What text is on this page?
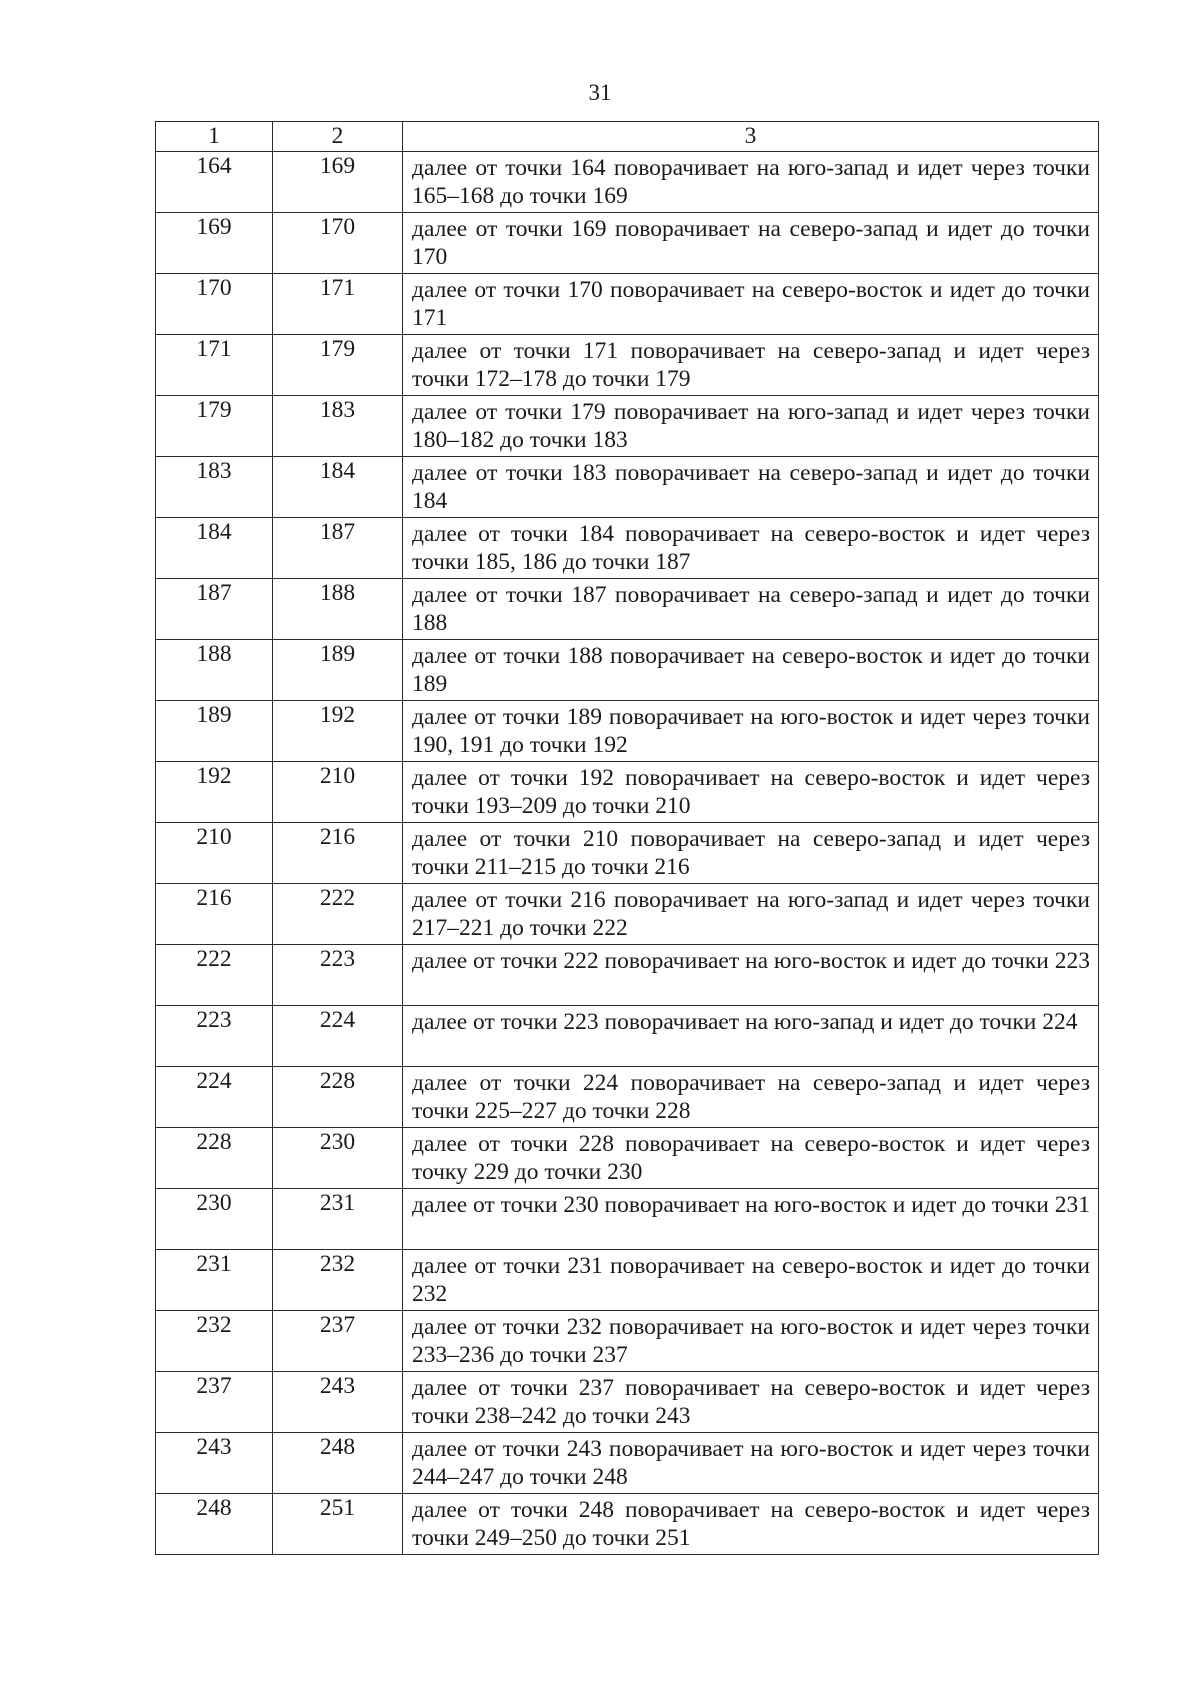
31
1	2	3
164	169	далее от точки 164 поворачивает на юго-запад и идет через точки 165–168 до точки 169
169	170	далее от точки 169 поворачивает на северо-запад и идет до точки 170
170	171	далее от точки 170 поворачивает на северо-восток и идет до точки 171
171	179	далее от точки 171 поворачивает на северо-запад и идет через точки 172–178 до точки 179
179	183	далее от точки 179 поворачивает на юго-запад и идет через точки 180–182 до точки 183
183	184	далее от точки 183 поворачивает на северо-запад и идет до точки 184
184	187	далее от точки 184 поворачивает на северо-восток и идет через точки 185, 186 до точки 187
187	188	далее от точки 187 поворачивает на северо-запад и идет до точки 188
188	189	далее от точки 188 поворачивает на северо-восток и идет до точки 189
189	192	далее от точки 189 поворачивает на юго-восток и идет через точки 190, 191 до точки 192
192	210	далее от точки 192 поворачивает на северо-восток и идет через точки 193–209 до точки 210
210	216	далее от точки 210 поворачивает на северо-запад и идет через точки 211–215 до точки 216
216	222	далее от точки 216 поворачивает на юго-запад и идет через точки 217–221 до точки 222
222	223	далее от точки 222 поворачивает на юго-восток и идет до точки 223
223	224	далее от точки 223 поворачивает на юго-запад и идет до точки 224
224	228	далее от точки 224 поворачивает на северо-запад и идет через точки 225–227 до точки 228
228	230	далее от точки 228 поворачивает на северо-восток и идет через точку 229 до точки 230
230	231	далее от точки 230 поворачивает на юго-восток и идет до точки 231
231	232	далее от точки 231 поворачивает на северо-восток и идет до точки 232
232	237	далее от точки 232 поворачивает на юго-восток и идет через точки 233–236 до точки 237
237	243	далее от точки 237 поворачивает на северо-восток и идет через точки 238–242 до точки 243
243	248	далее от точки 243 поворачивает на юго-восток и идет через точки 244–247 до точки 248
248	251	далее от точки 248 поворачивает на северо-восток и идет через точки 249–250 до точки 251
